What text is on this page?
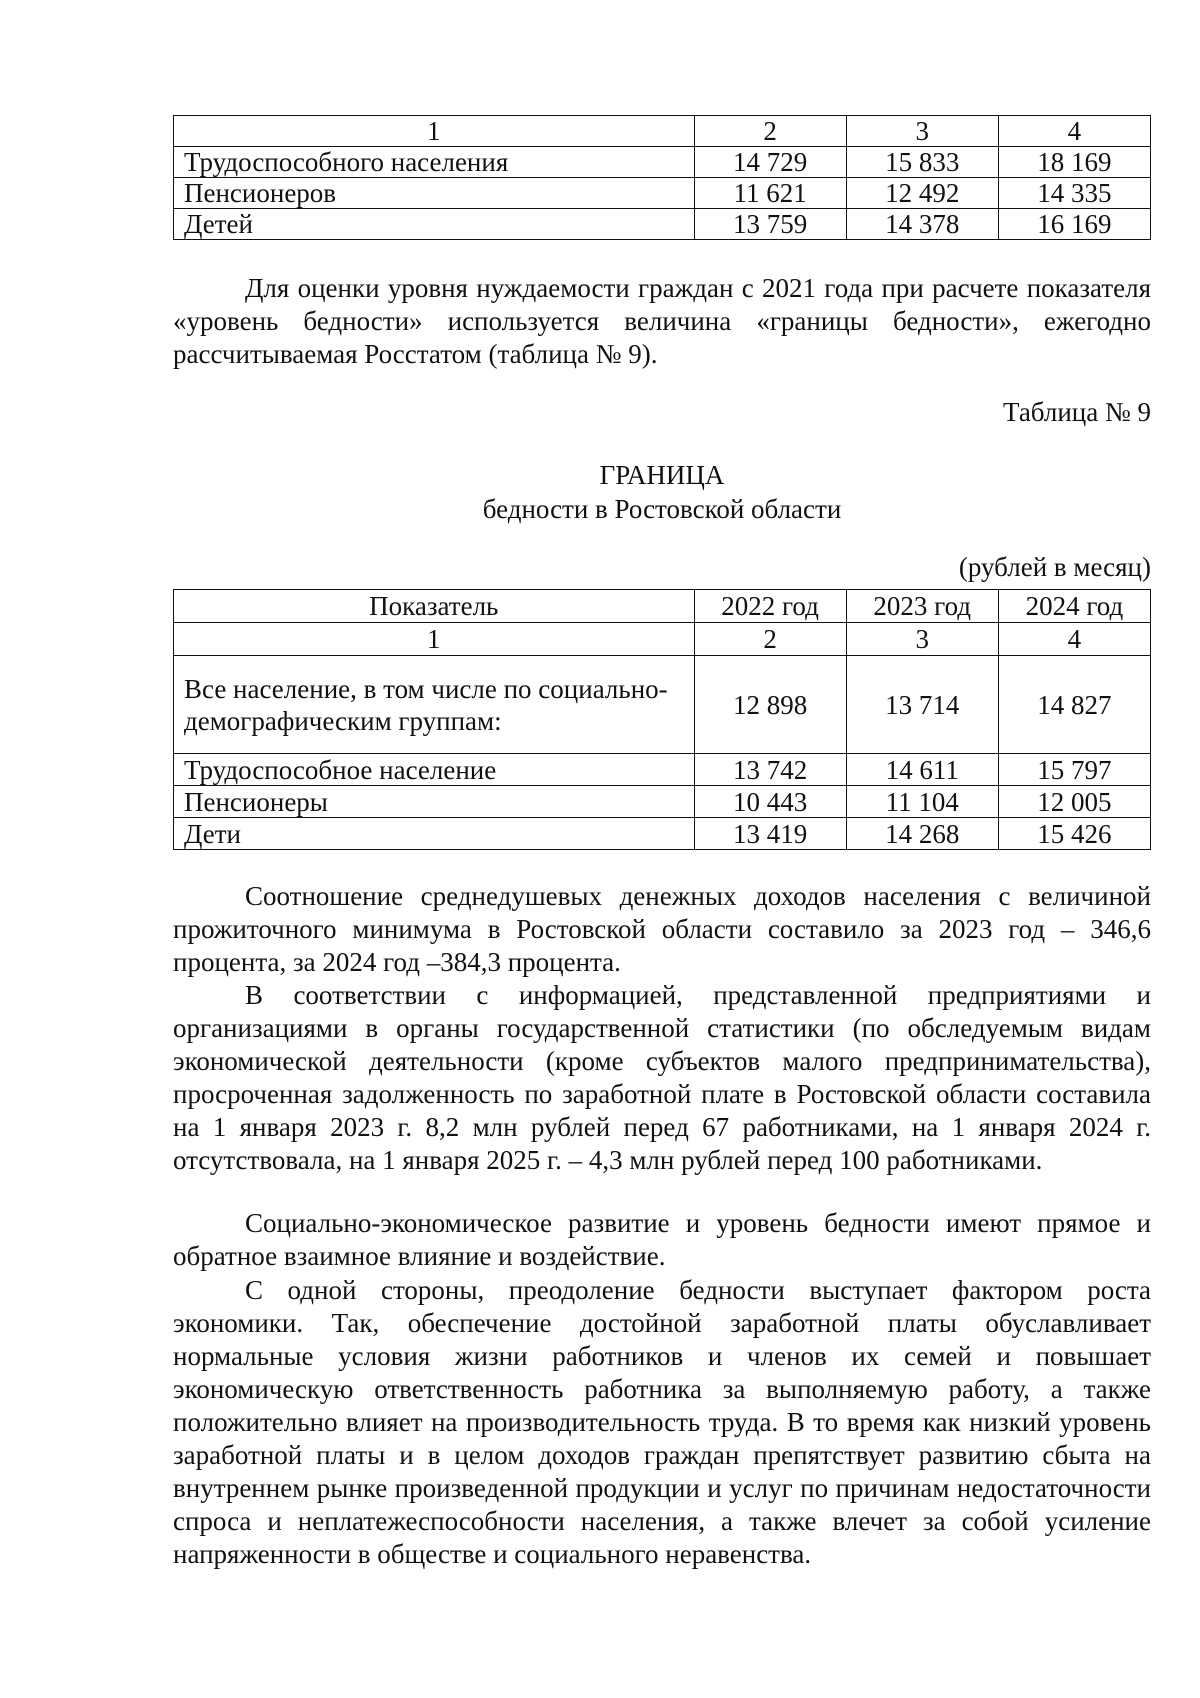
1	2	3	4
Трудоспособного населения	14 729	15 833	18 169
Пенсионеров	11 621	12 492	14 335
Детей	13 759	14 378	16 169

Для оценки уровня нуждаемости граждан с 2021 года при расчете показателя «уровень бедности» используется величина «границы бедности», ежегодно рассчитываемая Росстатом (таблица № 9).

Таблица № 9
ГРАНИЦА
бедности в Ростовской области
(рублей в месяц)
Показатель	2022 год	2023 год	2024 год
1	2	3	4
Все население, в том числе по социально-демографическим группам:	12 898	13 714	14 827
Трудоспособное население	13 742	14 611	15 797
Пенсионеры	10 443	11 104	12 005
Дети	13 419	14 268	15 426

Соотношение среднедушевых денежных доходов населения с величиной прожиточного минимума в Ростовской области составило за 2023 год – 346,6 процента, за 2024 год –384,3 процента.

В соответствии с информацией, представленной предприятиями и организациями в органы государственной статистики (по обследуемым видам экономической деятельности (кроме субъектов малого предпринимательства), просроченная задолженность по заработной плате в Ростовской области составила на 1 января 2023 г. 8,2 млн рублей перед 67 работниками, на 1 января 2024 г. отсутствовала, на 1 января 2025 г. – 4,3 млн рублей перед 100 работниками.

Социально-экономическое развитие и уровень бедности имеют прямое и обратное взаимное влияние и воздействие.

С одной стороны, преодоление бедности выступает фактором роста экономики. Так, обеспечение достойной заработной платы обуславливает нормальные условия жизни работников и членов их семей и повышает экономическую ответственность работника за выполняемую работу, а также положительно влияет на производительность труда. В то время как низкий уровень заработной платы и в целом доходов граждан препятствует развитию сбыта на внутреннем рынке произведенной продукции и услуг по причинам недостаточности спроса и неплатежеспособности населения, а также влечет за собой усиление напряженности в обществе и социального неравенства.
